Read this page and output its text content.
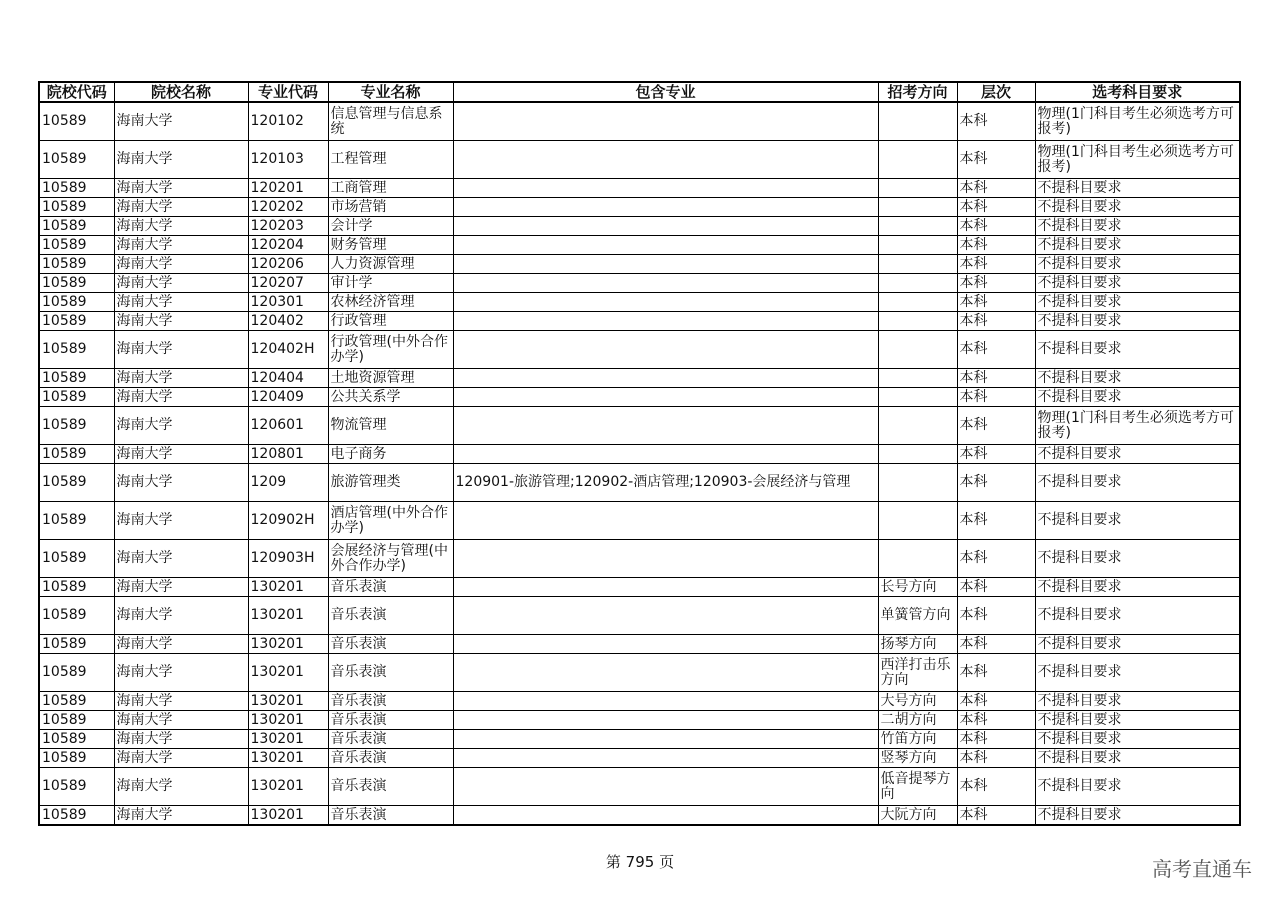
院校代码	院校名称	专业代码	专业名称	包含专业	招考方向	层次	选考科目要求
10589	海南大学	120102	信息管理与信息系统			本科	物理(1门科目考生必须选考方可报考)
10589	海南大学	120103	工程管理			本科	物理(1门科目考生必须选考方可报考)
10589	海南大学	120201	工商管理			本科	不提科目要求
10589	海南大学	120202	市场营销			本科	不提科目要求
10589	海南大学	120203	会计学			本科	不提科目要求
10589	海南大学	120204	财务管理			本科	不提科目要求
10589	海南大学	120206	人力资源管理			本科	不提科目要求
10589	海南大学	120207	审计学			本科	不提科目要求
10589	海南大学	120301	农林经济管理			本科	不提科目要求
10589	海南大学	120402	行政管理			本科	不提科目要求
10589	海南大学	120402H	行政管理(中外合作办学)			本科	不提科目要求
10589	海南大学	120404	土地资源管理			本科	不提科目要求
10589	海南大学	120409	公共关系学			本科	不提科目要求
10589	海南大学	120601	物流管理			本科	物理(1门科目考生必须选考方可报考)
10589	海南大学	120801	电子商务			本科	不提科目要求
10589	海南大学	1209	旅游管理类	120901-旅游管理;120902-酒店管理;120903-会展经济与管理		本科	不提科目要求
10589	海南大学	120902H	酒店管理(中外合作办学)			本科	不提科目要求
10589	海南大学	120903H	会展经济与管理(中外合作办学)			本科	不提科目要求
10589	海南大学	130201	音乐表演		长号方向	本科	不提科目要求
10589	海南大学	130201	音乐表演		单簧管方向	本科	不提科目要求
10589	海南大学	130201	音乐表演		扬琴方向	本科	不提科目要求
10589	海南大学	130201	音乐表演		西洋打击乐方向	本科	不提科目要求
10589	海南大学	130201	音乐表演		大号方向	本科	不提科目要求
10589	海南大学	130201	音乐表演		二胡方向	本科	不提科目要求
10589	海南大学	130201	音乐表演		竹笛方向	本科	不提科目要求
10589	海南大学	130201	音乐表演		竖琴方向	本科	不提科目要求
10589	海南大学	130201	音乐表演		低音提琴方向	本科	不提科目要求
10589	海南大学	130201	音乐表演		大阮方向	本科	不提科目要求
第 795 页	高考直通车
